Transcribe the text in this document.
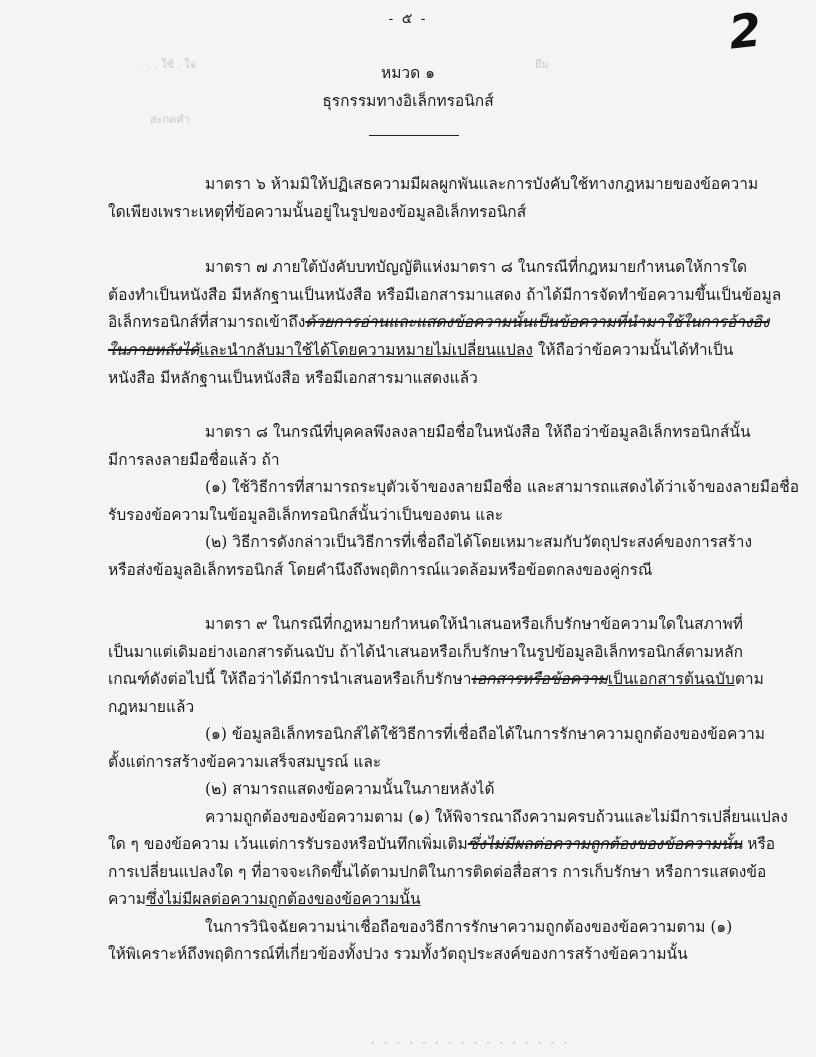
- ๕ -	2
. . . ใช้ . ใจ
สะกดคำ
ยืม
หมวด ๑
ธุรกรรมทางอิเล็กทรอนิกส์
มาตรา ๖ ห้ามมิให้ปฏิเสธความมีผลผูกพันและการบังคับใช้ทางกฎหมายของข้อความ
ใดเพียงเพราะเหตุที่ข้อความนั้นอยู่ในรูปของข้อมูลอิเล็กทรอนิกส์
มาตรา ๗ ภายใต้บังคับบทบัญญัติแห่งมาตรา ๘ ในกรณีที่กฎหมายกำหนดให้การใด
ต้องทำเป็นหนังสือ มีหลักฐานเป็นหนังสือ หรือมีเอกสารมาแสดง ถ้าได้มีการจัดทำข้อความขึ้นเป็นข้อมูล
อิเล็กทรอนิกส์ที่สามารถเข้าถึงด้วยการอ่านและแสดงข้อความนั้นเป็นข้อความที่นำมาใช้ในการอ้างอิง
ในภายหลังได้และนำกลับมาใช้ได้โดยความหมายไม่เปลี่ยนแปลง ให้ถือว่าข้อความนั้นได้ทำเป็น
หนังสือ มีหลักฐานเป็นหนังสือ หรือมีเอกสารมาแสดงแล้ว
มาตรา ๘ ในกรณีที่บุคคลพึงลงลายมือชื่อในหนังสือ ให้ถือว่าข้อมูลอิเล็กทรอนิกส์นั้น
มีการลงลายมือชื่อแล้ว ถ้า
(๑) ใช้วิธีการที่สามารถระบุตัวเจ้าของลายมือชื่อ และสามารถแสดงได้ว่าเจ้าของลายมือชื่อ
รับรองข้อความในข้อมูลอิเล็กทรอนิกส์นั้นว่าเป็นของตน และ
(๒) วิธีการดังกล่าวเป็นวิธีการที่เชื่อถือได้โดยเหมาะสมกับวัตถุประสงค์ของการสร้าง
หรือส่งข้อมูลอิเล็กทรอนิกส์ โดยคำนึงถึงพฤติการณ์แวดล้อมหรือข้อตกลงของคู่กรณี
มาตรา ๙ ในกรณีที่กฎหมายกำหนดให้นำเสนอหรือเก็บรักษาข้อความใดในสภาพที่
เป็นมาแต่เดิมอย่างเอกสารต้นฉบับ ถ้าได้นำเสนอหรือเก็บรักษาในรูปข้อมูลอิเล็กทรอนิกส์ตามหลัก
เกณฑ์ดังต่อไปนี้ ให้ถือว่าได้มีการนำเสนอหรือเก็บรักษาเอกสารหรือข้อความเป็นเอกสารต้นฉบับตาม
กฎหมายแล้ว
(๑) ข้อมูลอิเล็กทรอนิกส์ได้ใช้วิธีการที่เชื่อถือได้ในการรักษาความถูกต้องของข้อความ
ตั้งแต่การสร้างข้อความเสร็จสมบูรณ์ และ
(๒) สามารถแสดงข้อความนั้นในภายหลังได้
ความถูกต้องของข้อความตาม (๑) ให้พิจารณาถึงความครบถ้วนและไม่มีการเปลี่ยนแปลง
ใด ๆ ของข้อความ เว้นแต่การรับรองหรือบันทึกเพิ่มเติมซึ่งไม่มีผลต่อความถูกต้องของข้อความนั้น หรือ
การเปลี่ยนแปลงใด ๆ ที่อาจจะเกิดขึ้นได้ตามปกติในการติดต่อสื่อสาร การเก็บรักษา หรือการแสดงข้อ
ความซึ่งไม่มีผลต่อความถูกต้องของข้อความนั้น
ในการวินิจฉัยความน่าเชื่อถือของวิธีการรักษาความถูกต้องของข้อความตาม (๑)
ให้พิเคราะห์ถึงพฤติการณ์ที่เกี่ยวข้องทั้งปวง รวมทั้งวัตถุประสงค์ของการสร้างข้อความนั้น
- - - - - - - - - - - - - - - -
